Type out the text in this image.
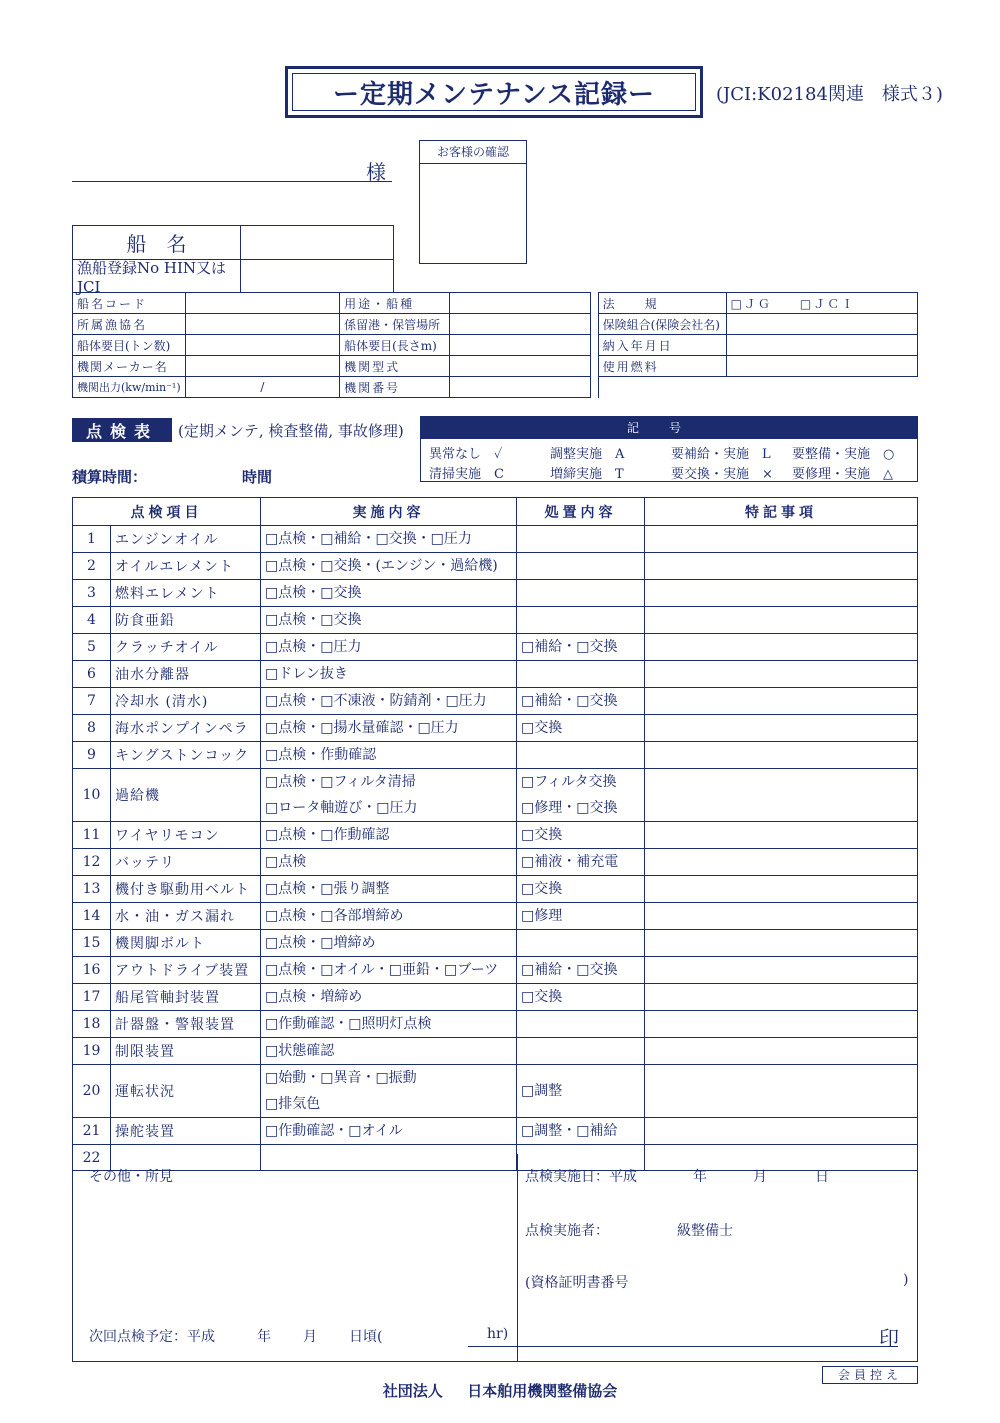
ー定期メンテナンス記録ー	(JCI:K02184関連　様式３)
様
お客様の確認
船　名
漁船登録No HIN又はJCI
船名コード		用途・船種			法　　規	□ＪＧ　　□ＪＣＩ
所属漁協名		係留港・保管場所			保険組合(保険会社名)	
船体要目(トン数)		船体要目(長さm)			納入年月日	
機関メーカー名		機関型式			使用燃料	
機関出力(kw/min⁻¹)	/	機関番号				
点検表	(定期メンテ, 検査整備, 事故修理)
積算時間：	時間
記号
異常なし　✓	調整実施　A	要補給・実施　L	要整備・実施　○
清掃実施　C	増締実施　T	要交換・実施　×	要修理・実施　△
点検項目		実施内容	処置内容	特記事項
1	エンジンオイル	□点検・□補給・□交換・□圧力		

2	オイルエレメント	□点検・□交換・(エンジン・過給機)		

3	燃料エレメント	□点検・□交換		

4	防食亜鉛	□点検・□交換		

5	クラッチオイル	□点検・□圧力	□補給・□交換	

6	油水分離器	□ドレン抜き		

7	冷却水 (清水)	□点検・□不凍液・防錆剤・□圧力	□補給・□交換	

8	海水ポンプインペラ	□点検・□揚水量確認・□圧力	□交換	

9	キングストンコック	□点検・作動確認		

10	過給機	□点検・□フィルタ清掃
□ロータ軸遊び・□圧力	□フィルタ交換
□修理・□交換	

11	ワイヤリモコン	□点検・□作動確認	□交換	

12	バッテリ	□点検	□補液・補充電	

13	機付き駆動用ベルト	□点検・□張り調整	□交換	

14	水・油・ガス漏れ	□点検・□各部増締め	□修理	

15	機関脚ボルト	□点検・□増締め		

16	アウトドライブ装置	□点検・□オイル・□亜鉛・□ブーツ	□補給・□交換	

17	船尾管軸封装置	□点検・増締め	□交換	

18	計器盤・警報装置	□作動確認・□照明灯点検		

19	制限装置	□状態確認		

20	運転状況	□始動・□異音・□振動
□排気色	□調整	

21	操舵装置	□作動確認・□オイル	□調整・□補給	

22		

その他・所見
次回点検予定：平成	年 月 日頃(	hr)
点検実施日：平成	年	月	日
点検実施者：	級整備士
(資格証明書番号	)
印
会員控え
社団法人 日本舶用機関整備協会
